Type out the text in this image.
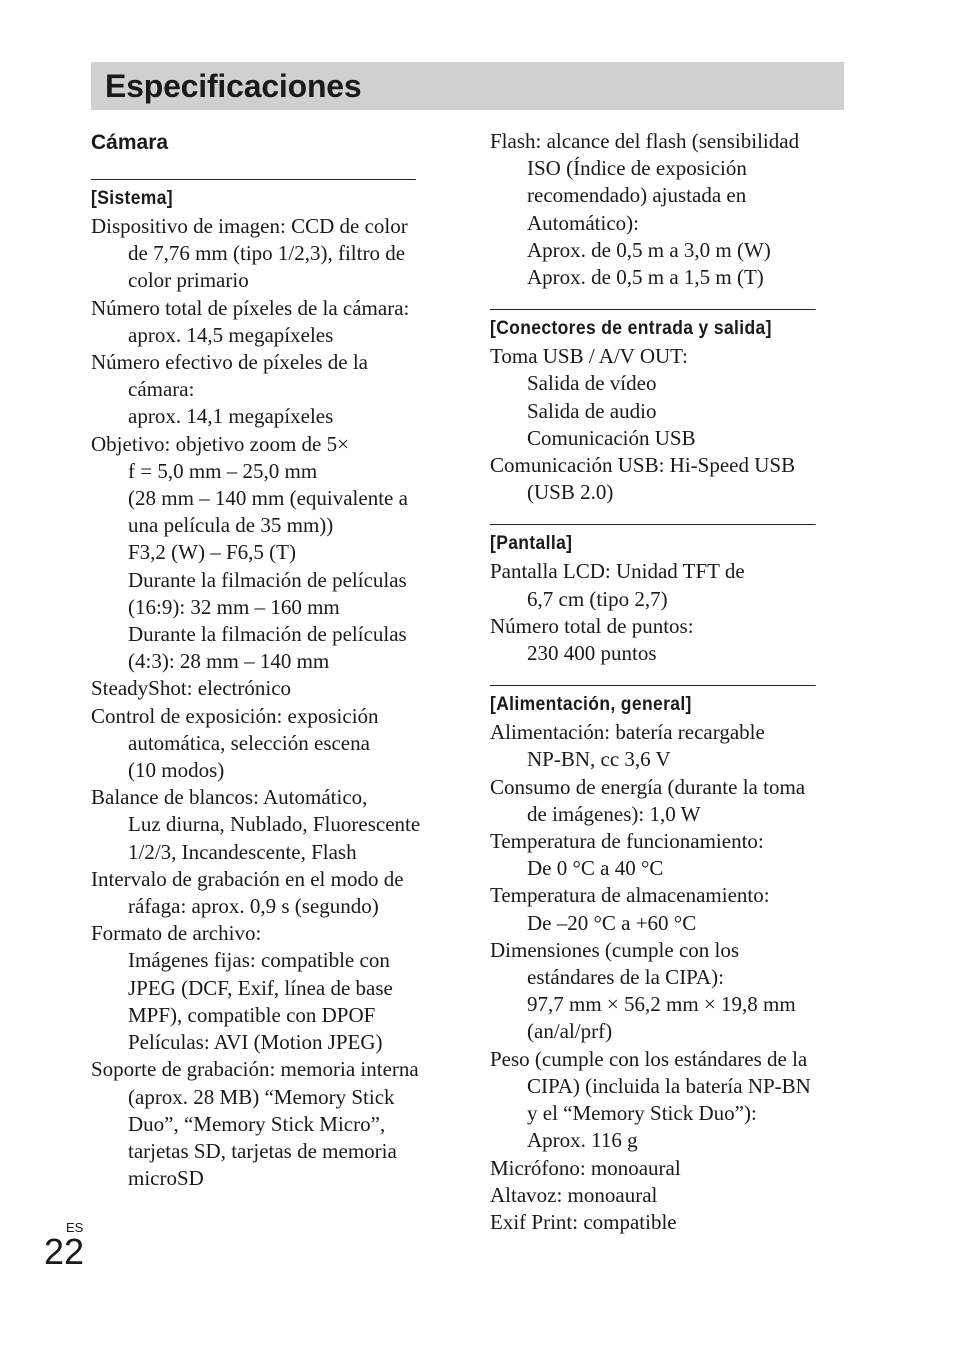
Especificaciones
Cámara
[Sistema]
Dispositivo de imagen: CCD de color
de 7,76 mm (tipo 1/2,3), filtro de
color primario
Número total de píxeles de la cámara:
aprox. 14,5 megapíxeles
Número efectivo de píxeles de la
cámara:
aprox. 14,1 megapíxeles
Objetivo: objetivo zoom de 5×
f = 5,0 mm – 25,0 mm
(28 mm – 140 mm (equivalente a
una película de 35 mm))
F3,2 (W) – F6,5 (T)
Durante la filmación de películas
(16:9): 32 mm – 160 mm
Durante la filmación de películas
(4:3): 28 mm – 140 mm
SteadyShot: electrónico
Control de exposición: exposición
automática, selección escena
(10 modos)
Balance de blancos: Automático,
Luz diurna, Nublado, Fluorescente
1/2/3, Incandescente, Flash
Intervalo de grabación en el modo de
ráfaga: aprox. 0,9 s (segundo)
Formato de archivo:
Imágenes fijas: compatible con
JPEG (DCF, Exif, línea de base
MPF), compatible con DPOF
Películas: AVI (Motion JPEG)
Soporte de grabación: memoria interna
(aprox. 28 MB) “Memory Stick
Duo”, “Memory Stick Micro”,
tarjetas SD, tarjetas de memoria
microSD
Flash: alcance del flash (sensibilidad
ISO (Índice de exposición
recomendado) ajustada en
Automático):
Aprox. de 0,5 m a 3,0 m (W)
Aprox. de 0,5 m a 1,5 m (T)
[Conectores de entrada y salida]
Toma USB / A/V OUT:
Salida de vídeo
Salida de audio
Comunicación USB
Comunicación USB: Hi-Speed USB
(USB 2.0)
[Pantalla]
Pantalla LCD: Unidad TFT de
6,7 cm (tipo 2,7)
Número total de puntos:
230 400 puntos
[Alimentación, general]
Alimentación: batería recargable
NP-BN, cc 3,6 V
Consumo de energía (durante la toma
de imágenes): 1,0 W
Temperatura de funcionamiento:
De 0 °C a 40 °C
Temperatura de almacenamiento:
De –20 °C a +60 °C
Dimensiones (cumple con los
estándares de la CIPA):
97,7 mm × 56,2 mm × 19,8 mm
(an/al/prf)
Peso (cumple con los estándares de la
CIPA) (incluida la batería NP-BN
y el “Memory Stick Duo”):
Aprox. 116 g
Micrófono: monoaural
Altavoz: monoaural
Exif Print: compatible
ES
22
